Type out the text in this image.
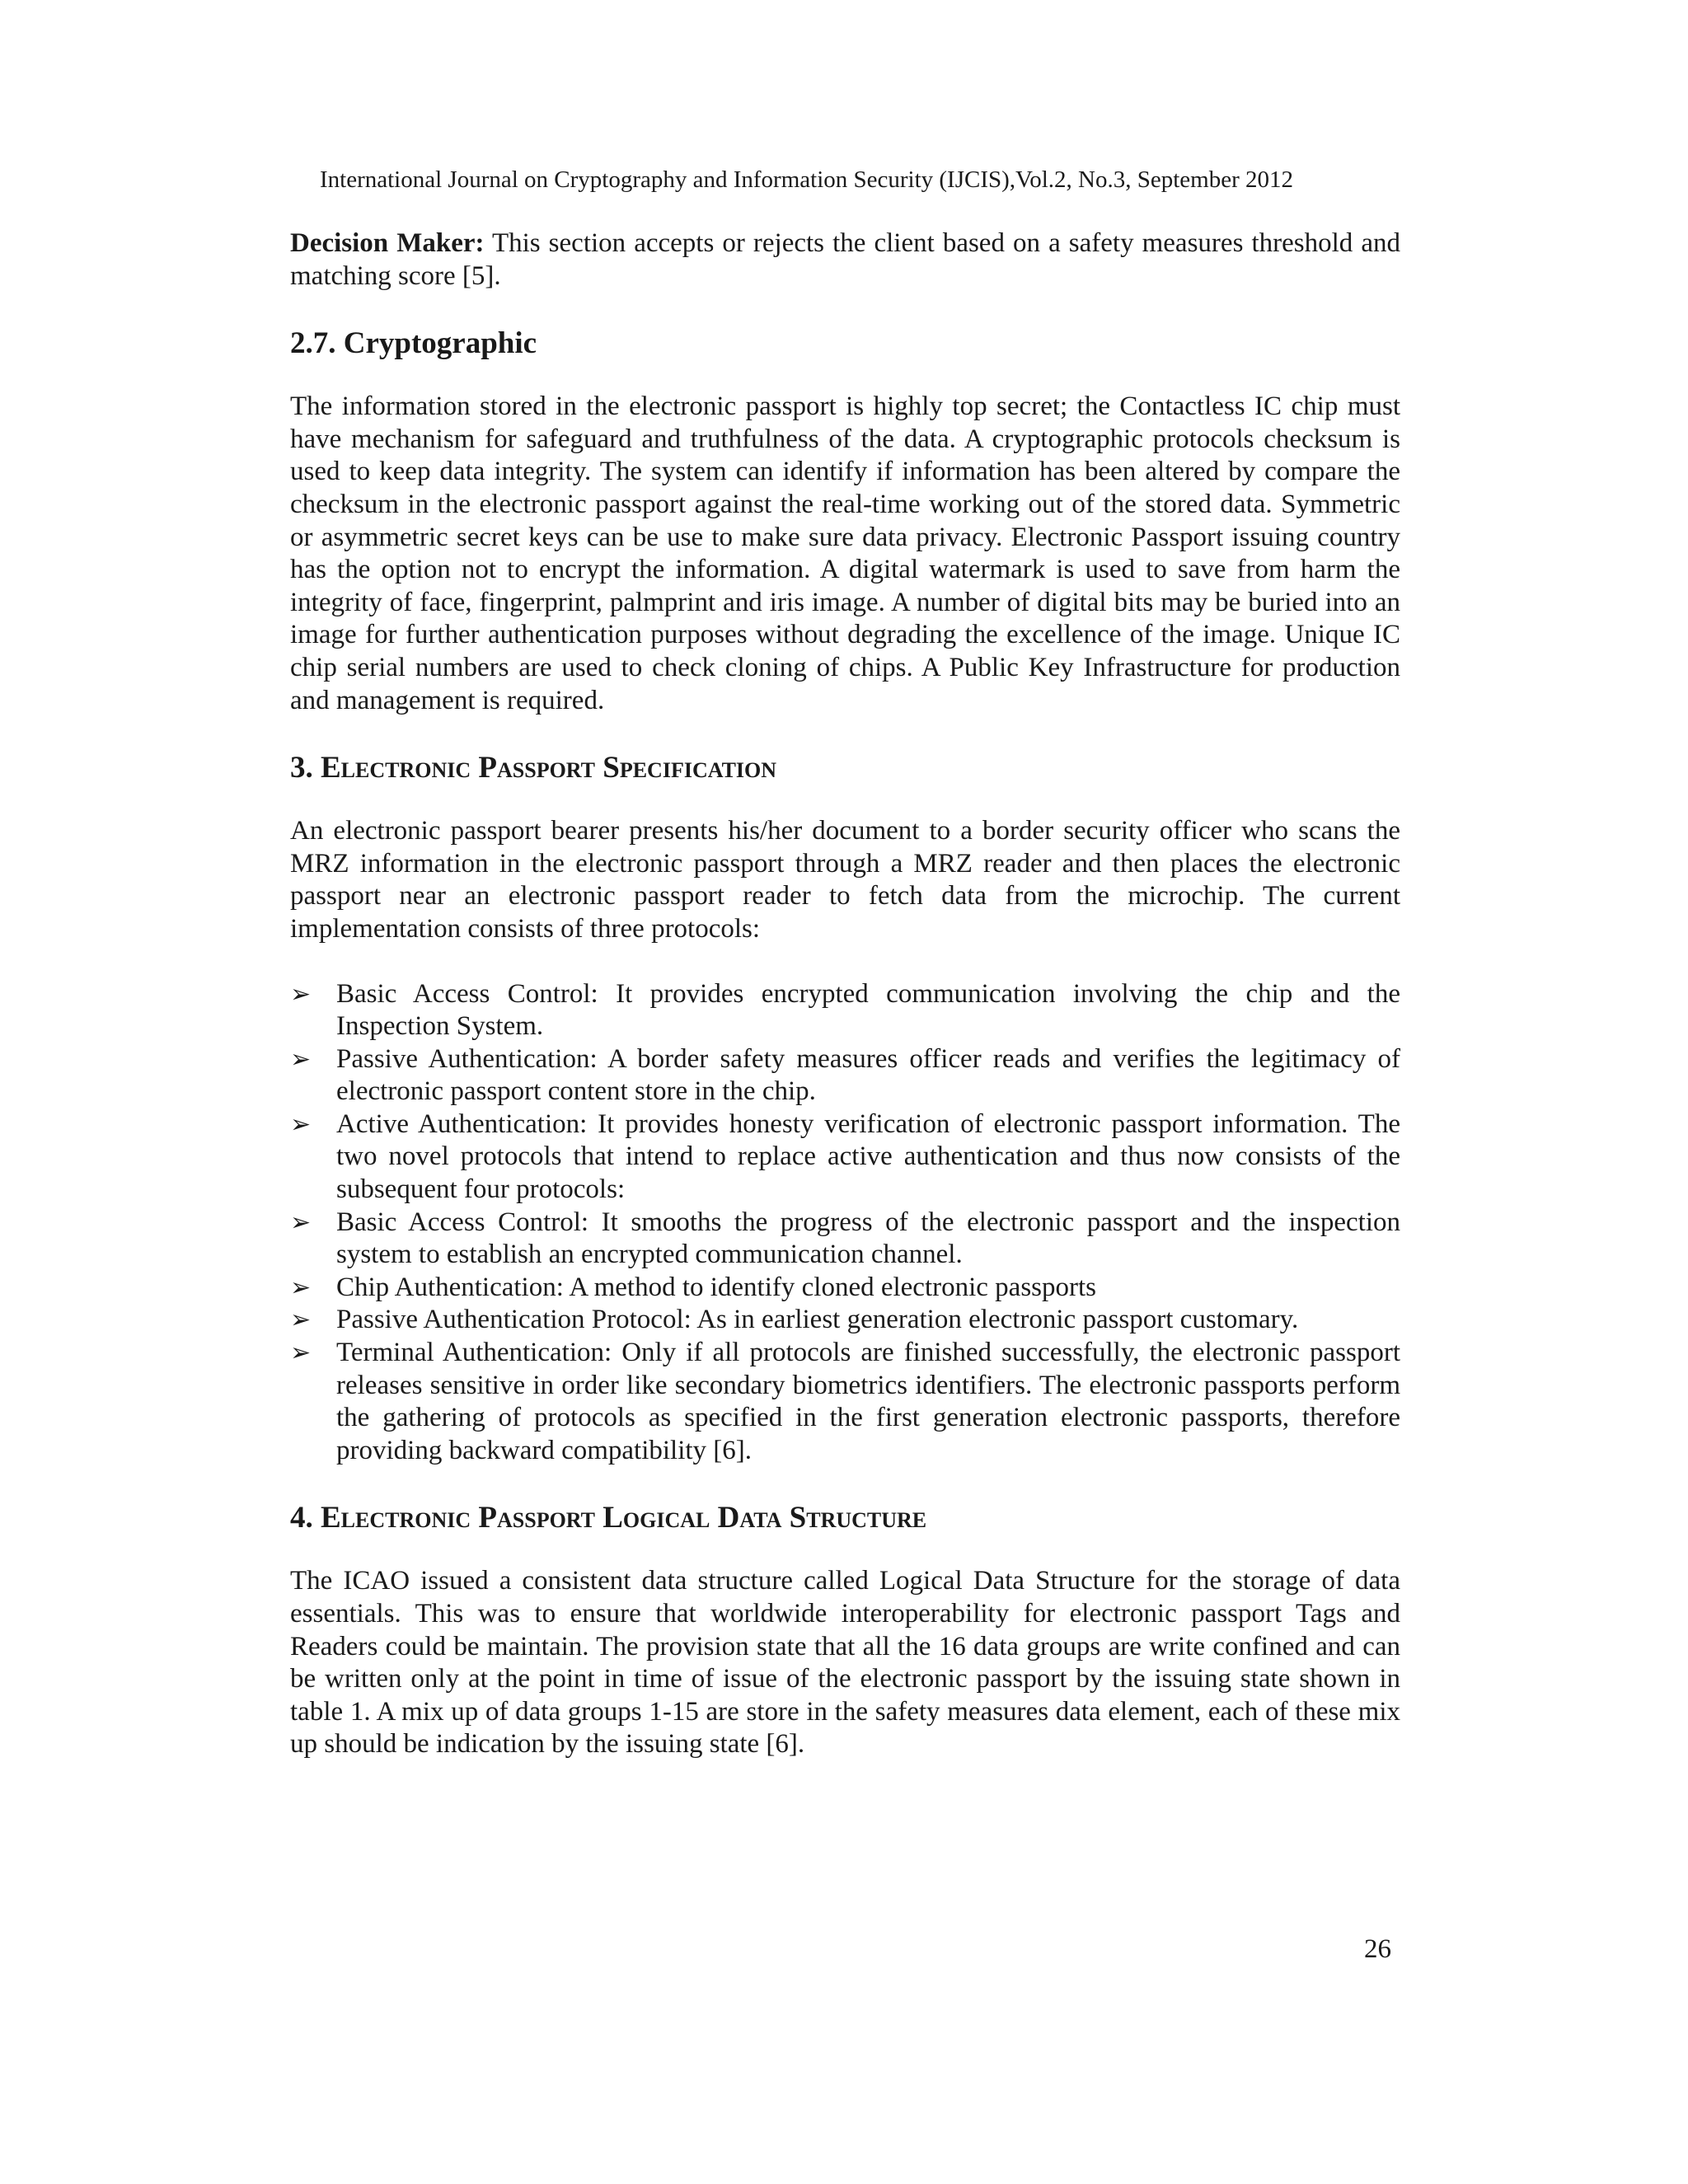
International Journal on Cryptography and Information Security (IJCIS),Vol.2, No.3, September 2012

Decision Maker: This section accepts or rejects the client based on a safety measures threshold and matching score [5].

2.7. Cryptographic

The information stored in the electronic passport is highly top secret; the Contactless IC chip must have mechanism for safeguard and truthfulness of the data. A cryptographic protocols checksum is used to keep data integrity. The system can identify if information has been altered by compare the checksum in the electronic passport against the real-time working out of the stored data. Symmetric or asymmetric secret keys can be use to make sure data privacy. Electronic Passport issuing country has the option not to encrypt the information. A digital watermark is used to save from harm the integrity of face, fingerprint, palmprint and iris image. A number of digital bits may be buried into an image for further authentication purposes without degrading the excellence of the image. Unique IC chip serial numbers are used to check cloning of chips. A Public Key Infrastructure for production and management is required.

3. Electronic Passport Specification

An electronic passport bearer presents his/her document to a border security officer who scans the MRZ information in the electronic passport through a MRZ reader and then places the electronic passport near an electronic passport reader to fetch data from the microchip. The current implementation consists of three protocols:

➢ Basic Access Control: It provides encrypted communication involving the chip and the Inspection System.
➢ Passive Authentication: A border safety measures officer reads and verifies the legitimacy of electronic passport content store in the chip.
➢ Active Authentication: It provides honesty verification of electronic passport information. The two novel protocols that intend to replace active authentication and thus now consists of the subsequent four protocols:
➢ Basic Access Control: It smooths the progress of the electronic passport and the inspection system to establish an encrypted communication channel.
➢ Chip Authentication: A method to identify cloned electronic passports
➢ Passive Authentication Protocol: As in earliest generation electronic passport customary.
➢ Terminal Authentication: Only if all protocols are finished successfully, the electronic passport releases sensitive in order like secondary biometrics identifiers. The electronic passports perform the gathering of protocols as specified in the first generation electronic passports, therefore providing backward compatibility [6].
4. Electronic Passport Logical Data Structure

The ICAO issued a consistent data structure called Logical Data Structure for the storage of data essentials. This was to ensure that worldwide interoperability for electronic passport Tags and Readers could be maintain. The provision state that all the 16 data groups are write confined and can be written only at the point in time of issue of the electronic passport by the issuing state shown in table 1. A mix up of data groups 1-15 are store in the safety measures data element, each of these mix up should be indication by the issuing state [6].

26
